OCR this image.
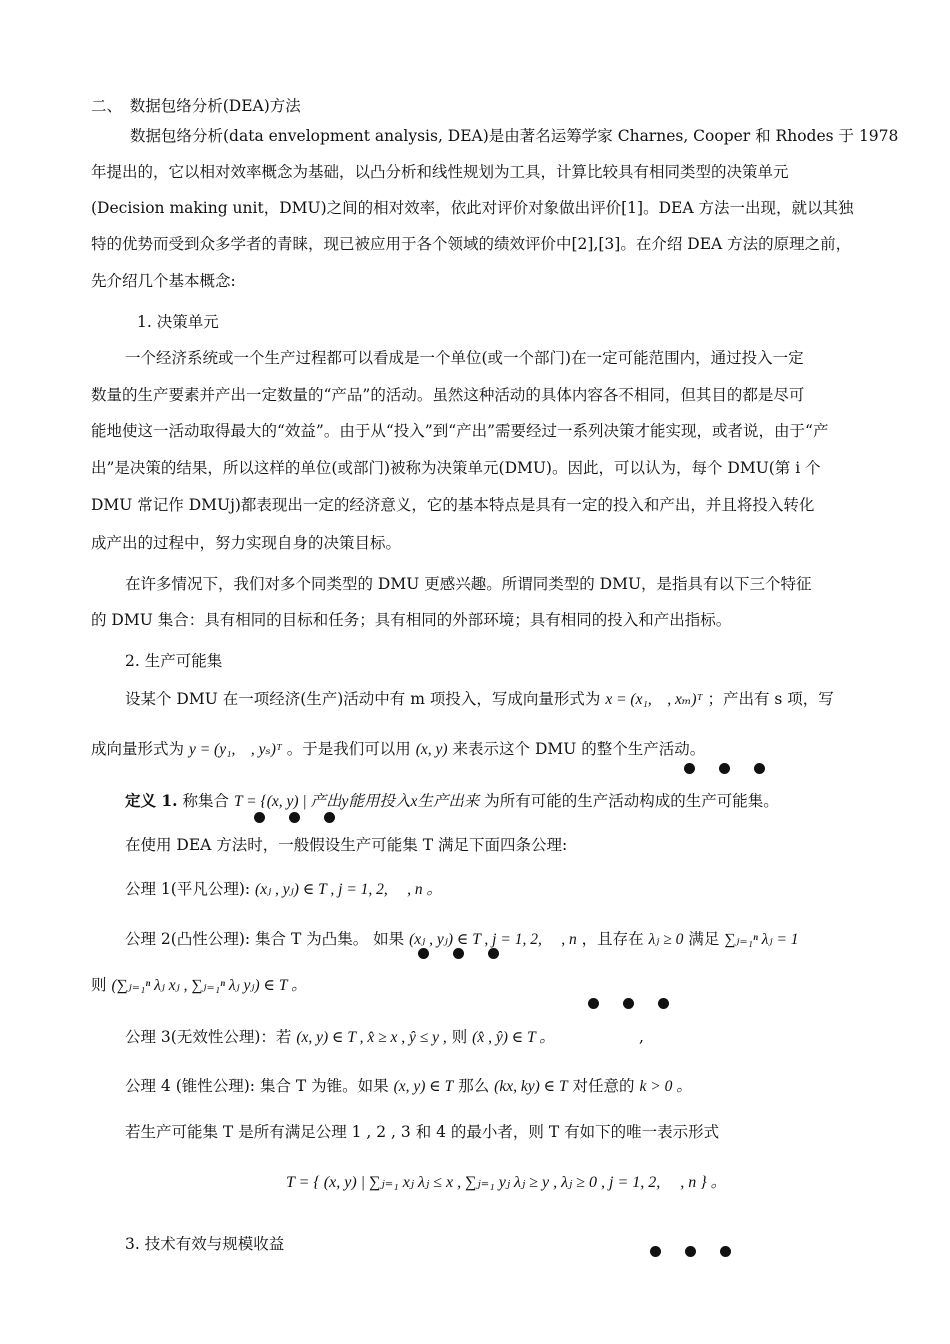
二、　数据包络分析(DEA)方法
数据包络分析(data envelopment analysis, DEA)是由著名运筹学家 Charnes, Cooper 和 Rhodes 于 1978
年提出的，它以相对效率概念为基础，以凸分析和线性规划为工具，计算比较具有相同类型的决策单元
(Decision making unit，DMU)之间的相对效率，依此对评价对象做出评价[1]。DEA 方法一出现，就以其独
特的优势而受到众多学者的青睐，现已被应用于各个领域的绩效评价中[2],[3]。在介绍 DEA 方法的原理之前，
先介绍几个基本概念:
1. 决策单元
一个经济系统或一个生产过程都可以看成是一个单位(或一个部门)在一定可能范围内，通过投入一定
数量的生产要素并产出一定数量的“产品”的活动。虽然这种活动的具体内容各不相同，但其目的都是尽可
能地使这一活动取得最大的“效益”。由于从“投入”到“产出”需要经过一系列决策才能实现，或者说，由于“产
出”是决策的结果，所以这样的单位(或部门)被称为决策单元(DMU)。因此，可以认为，每个 DMU(第 i 个
DMU 常记作 DMUj)都表现出一定的经济意义，它的基本特点是具有一定的投入和产出，并且将投入转化
成产出的过程中，努力实现自身的决策目标。
在许多情况下，我们对多个同类型的 DMU 更感兴趣。所谓同类型的 DMU，是指具有以下三个特征
的 DMU 集合：具有相同的目标和任务；具有相同的外部环境；具有相同的投入和产出指标。
2. 生产可能集
设某个 DMU 在一项经济(生产)活动中有 m 项投入，写成向量形式为 x = (x₁,　, xₘ)ᵀ ；产出有 s 项，写
成向量形式为 y = (y₁,　, yₛ)ᵀ 。于是我们可以用 (x, y) 来表示这个 DMU 的整个生产活动。
定义 1. 称集合 T = {(x, y) | 产出y能用投入x生产出来 为所有可能的生产活动构成的生产可能集。
在使用 DEA 方法时，一般假设生产可能集 T 满足下面四条公理:
公理 1(平凡公理): (xⱼ , yⱼ) ∈ T , j = 1, 2,　 , n 。
公理 2(凸性公理): 集合 T 为凸集。 如果 (xⱼ , yⱼ) ∈ T , j = 1, 2,　 , n ，且存在 λⱼ ≥ 0 满足 ∑ⱼ₌₁ⁿ λⱼ = 1
则 (∑ⱼ₌₁ⁿ λⱼ xⱼ , ∑ⱼ₌₁ⁿ λⱼ yⱼ) ∈ T 。
公理 3(无效性公理)：若 (x, y) ∈ T , x̂ ≥ x , ŷ ≤ y , 则 (x̂ , ŷ) ∈ T 。	,
公理 4 (锥性公理): 集合 T 为锥。如果 (x, y) ∈ T 那么 (kx, ky) ∈ T 对任意的 k > 0 。
若生产可能集 T 是所有满足公理 1 , 2 , 3 和 4 的最小者，则 T 有如下的唯一表示形式
T = { (x, y) | ∑ⱼ₌₁ xⱼ λⱼ ≤ x , ∑ⱼ₌₁ yⱼ λⱼ ≥ y , λⱼ ≥ 0 , j = 1, 2,　 , n } 。
3. 技术有效与规模收益
